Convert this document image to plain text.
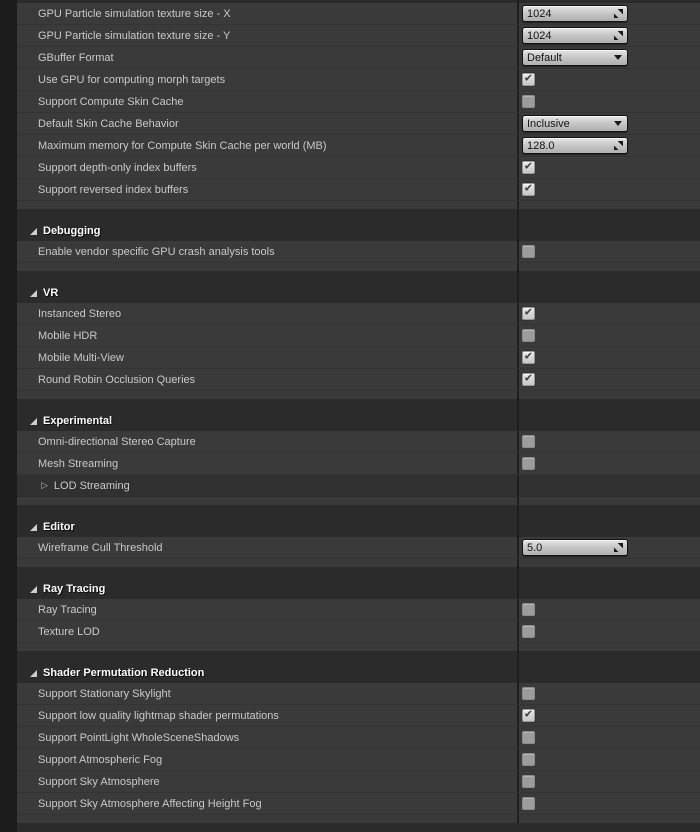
GPU Particle simulation texture size - X	1024
GPU Particle simulation texture size - Y	1024
GBuffer Format	Default
Use GPU for computing morph targets	✔
Support Compute Skin Cache
Default Skin Cache Behavior	Inclusive
Maximum memory for Compute Skin Cache per world (MB)	128.0
Support depth-only index buffers	✔
Support reversed index buffers	✔
Debugging
Enable vendor specific GPU crash analysis tools
VR
Instanced Stereo	✔
Mobile HDR
Mobile Multi-View	✔
Round Robin Occlusion Queries	✔
Experimental
Omni-directional Stereo Capture
Mesh Streaming
▷ LOD Streaming
Editor
Wireframe Cull Threshold	5.0
Ray Tracing
Ray Tracing
Texture LOD
Shader Permutation Reduction
Support Stationary Skylight
Support low quality lightmap shader permutations	✔
Support PointLight WholeSceneShadows
Support Atmospheric Fog
Support Sky Atmosphere
Support Sky Atmosphere Affecting Height Fog
